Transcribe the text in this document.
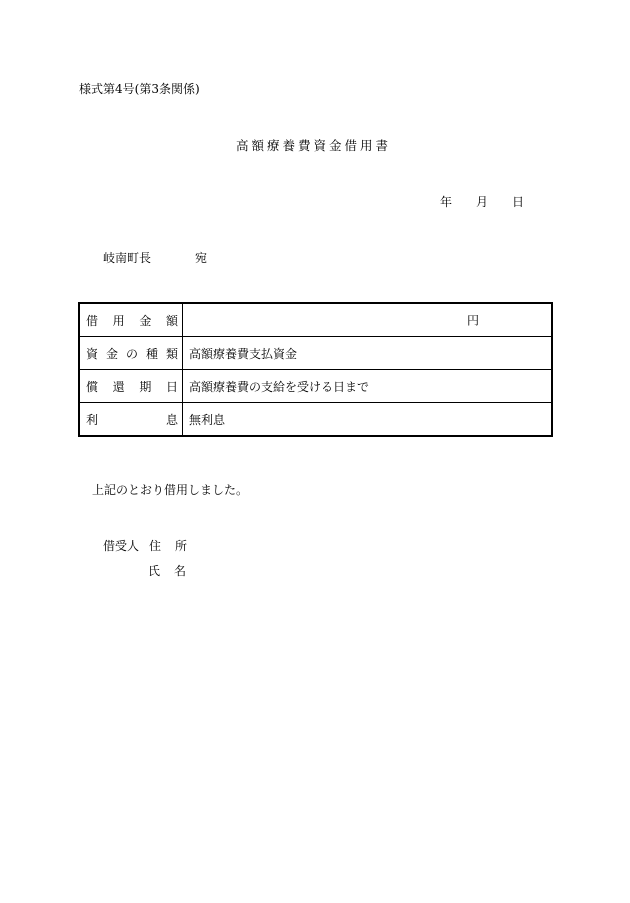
様式第4号(第3条関係)
高額療養費資金借用書
年 月 日
岐南町長	宛
借 用 金 額	円

資 金 の 種 類	高額療養費支払資金

償 還 期 日	高額療養費の支給を受ける日まで

利 息	無利息
上記のとおり借用しました。
借受人 住所
氏名
